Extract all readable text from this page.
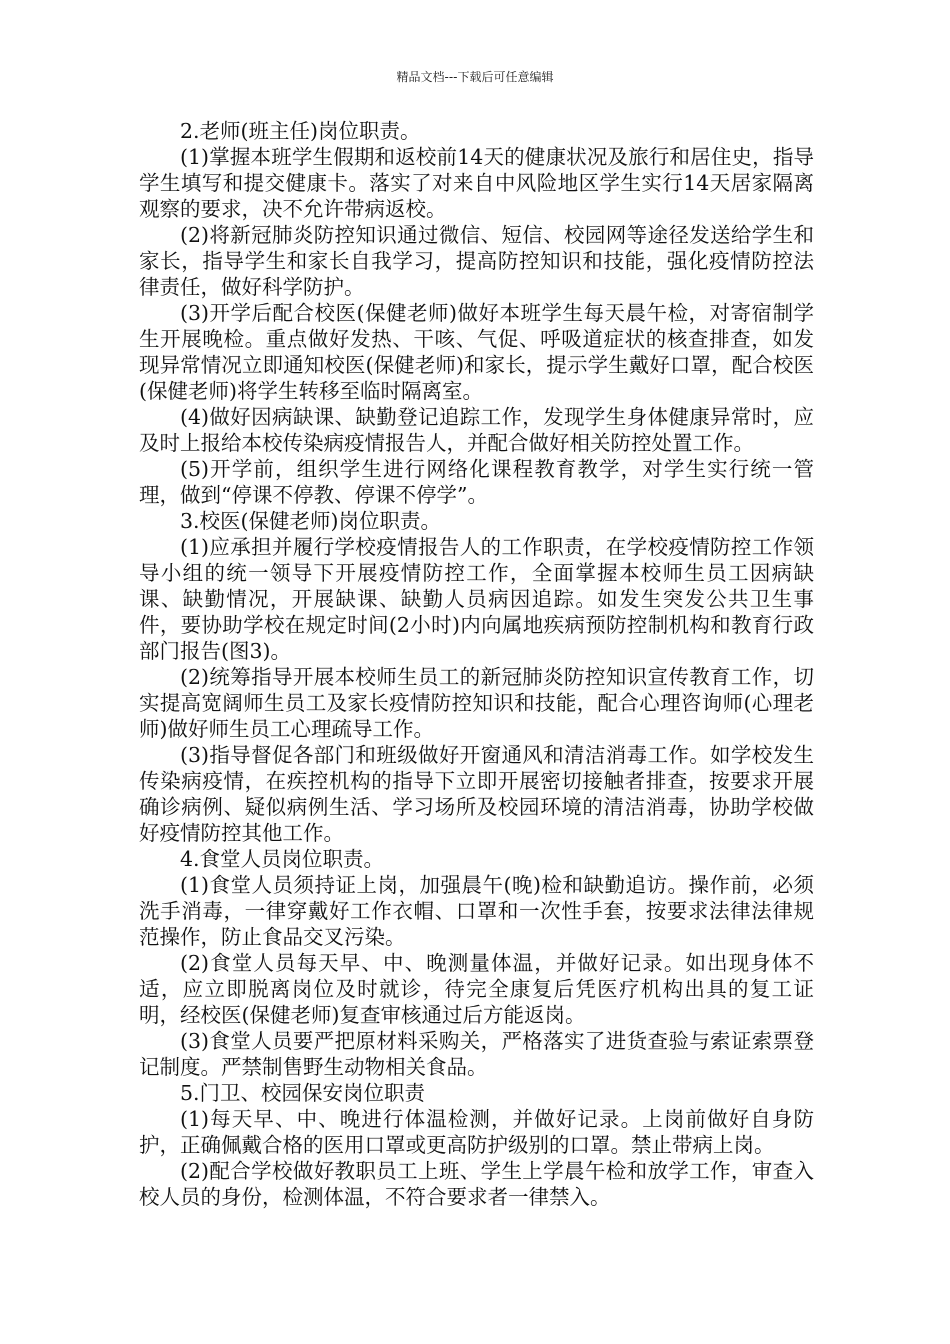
精品文档---下载后可任意编辑

2.老师(班主任)岗位职责。

(1)掌握本班学生假期和返校前14天的健康状况及旅行和居住史，指导学生填写和提交健康卡。落实了对来自中风险地区学生实行14天居家隔离观察的要求，决不允许带病返校。

(2)将新冠肺炎防控知识通过微信、短信、校园网等途径发送给学生和家长，指导学生和家长自我学习，提高防控知识和技能，强化疫情防控法律责任，做好科学防护。

(3)开学后配合校医(保健老师)做好本班学生每天晨午检，对寄宿制学生开展晚检。重点做好发热、干咳、气促、呼吸道症状的核查排查，如发现异常情况立即通知校医(保健老师)和家长，提示学生戴好口罩，配合校医(保健老师)将学生转移至临时隔离室。

(4)做好因病缺课、缺勤登记追踪工作，发现学生身体健康异常时，应及时上报给本校传染病疫情报告人，并配合做好相关防控处置工作。

(5)开学前，组织学生进行网络化课程教育教学，对学生实行统一管理，做到“停课不停教、停课不停学”。

3.校医(保健老师)岗位职责。

(1)应承担并履行学校疫情报告人的工作职责，在学校疫情防控工作领导小组的统一领导下开展疫情防控工作，全面掌握本校师生员工因病缺课、缺勤情况，开展缺课、缺勤人员病因追踪。如发生突发公共卫生事件，要协助学校在规定时间(2小时)内向属地疾病预防控制机构和教育行政部门报告(图3)。

(2)统筹指导开展本校师生员工的新冠肺炎防控知识宣传教育工作，切实提高宽阔师生员工及家长疫情防控知识和技能，配合心理咨询师(心理老师)做好师生员工心理疏导工作。

(3)指导督促各部门和班级做好开窗通风和清洁消毒工作。如学校发生传染病疫情，在疾控机构的指导下立即开展密切接触者排查，按要求开展确诊病例、疑似病例生活、学习场所及校园环境的清洁消毒，协助学校做好疫情防控其他工作。

4.食堂人员岗位职责。

(1)食堂人员须持证上岗，加强晨午(晚)检和缺勤追访。操作前，必须洗手消毒，一律穿戴好工作衣帽、口罩和一次性手套，按要求法律法律规范操作，防止食品交叉污染。

(2)食堂人员每天早、中、晚测量体温，并做好记录。如出现身体不适，应立即脱离岗位及时就诊，待完全康复后凭医疗机构出具的复工证明，经校医(保健老师)复查审核通过后方能返岗。

(3)食堂人员要严把原材料采购关，严格落实了进货查验与索证索票登记制度。严禁制售野生动物相关食品。

5.门卫、校园保安岗位职责

(1)每天早、中、晚进行体温检测，并做好记录。上岗前做好自身防护，正确佩戴合格的医用口罩或更高防护级别的口罩。禁止带病上岗。

(2)配合学校做好教职员工上班、学生上学晨午检和放学工作，审查入校人员的身份，检测体温，不符合要求者一律禁入。
